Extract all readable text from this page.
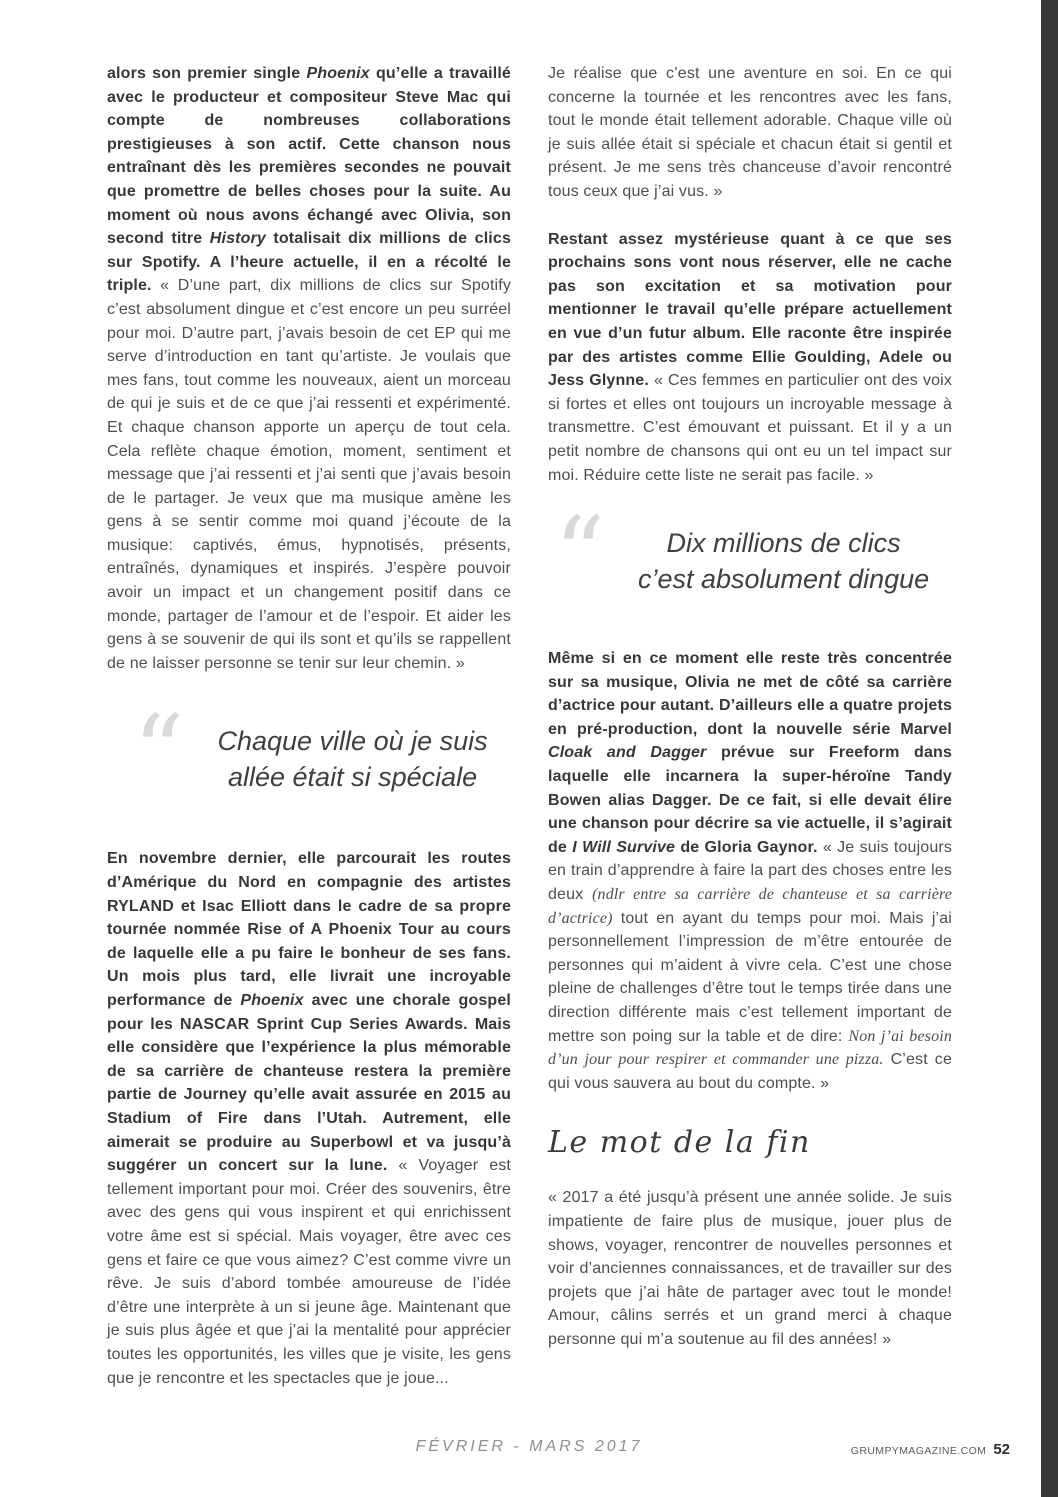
alors son premier single Phoenix qu’elle a travaillé avec le producteur et compositeur Steve Mac qui compte de nombreuses collaborations prestigieuses à son actif. Cette chanson nous entraînant dès les premières secondes ne pouvait que promettre de belles choses pour la suite. Au moment où nous avons échangé avec Olivia, son second titre History totalisait dix millions de clics sur Spotify. A l’heure actuelle, il en a récolté le triple. « D’une part, dix millions de clics sur Spotify c’est absolument dingue et c’est encore un peu surréel pour moi. D’autre part, j’avais besoin de cet EP qui me serve d’introduction en tant qu’artiste. Je voulais que mes fans, tout comme les nouveaux, aient un morceau de qui je suis et de ce que j’ai ressenti et expérimenté. Et chaque chanson apporte un aperçu de tout cela. Cela reflète chaque émotion, moment, sentiment et message que j’ai ressenti et j’ai senti que j’avais besoin de le partager. Je veux que ma musique amène les gens à se sentir comme moi quand j’écoute de la musique: captivés, émus, hypnotisés, présents, entraînés, dynamiques et inspirés. J’espère pouvoir avoir un impact et un changement positif dans ce monde, partager de l’amour et de l’espoir. Et aider les gens à se souvenir de qui ils sont et qu’ils se rappellent de ne laisser personne se tenir sur leur chemin. »

“	Chaque ville où je suis
allée était si spéciale

En novembre dernier, elle parcourait les routes d’Amérique du Nord en compagnie des artistes RYLAND et Isac Elliott dans le cadre de sa propre tournée nommée Rise of A Phoenix Tour au cours de laquelle elle a pu faire le bonheur de ses fans. Un mois plus tard, elle livrait une incroyable performance de Phoenix avec une chorale gospel pour les NASCAR Sprint Cup Series Awards. Mais elle considère que l’expérience la plus mémorable de sa carrière de chanteuse restera la première partie de Journey qu’elle avait assurée en 2015 au Stadium of Fire dans l’Utah. Autrement, elle aimerait se produire au Superbowl et va jusqu’à suggérer un concert sur la lune. « Voyager est tellement important pour moi. Créer des souvenirs, être avec des gens qui vous inspirent et qui enrichissent votre âme est si spécial. Mais voyager, être avec ces gens et faire ce que vous aimez? C’est comme vivre un rêve. Je suis d’abord tombée amoureuse de l’idée d’être une interprète à un si jeune âge. Maintenant que je suis plus âgée et que j’ai la mentalité pour apprécier toutes les opportunités, les villes que je visite, les gens que je rencontre et les spectacles que je joue...

Je réalise que c’est une aventure en soi. En ce qui concerne la tournée et les rencontres avec les fans, tout le monde était tellement adorable. Chaque ville où je suis allée était si spéciale et chacun était si gentil et présent. Je me sens très chanceuse d’avoir rencontré tous ceux que j’ai vus. »

Restant assez mystérieuse quant à ce que ses prochains sons vont nous réserver, elle ne cache pas son excitation et sa motivation pour mentionner le travail qu’elle prépare actuellement en vue d’un futur album. Elle raconte être inspirée par des artistes comme Ellie Goulding, Adele ou Jess Glynne. « Ces femmes en particulier ont des voix si fortes et elles ont toujours un incroyable message à transmettre. C’est émouvant et puissant. Et il y a un petit nombre de chansons qui ont eu un tel impact sur moi. Réduire cette liste ne serait pas facile. »

“	Dix millions de clics
c’est absolument dingue

Même si en ce moment elle reste très concentrée sur sa musique, Olivia ne met de côté sa carrière d’actrice pour autant. D’ailleurs elle a quatre projets en pré-production, dont la nouvelle série Marvel Cloak and Dagger prévue sur Freeform dans laquelle elle incarnera la super-héroïne Tandy Bowen alias Dagger. De ce fait, si elle devait élire une chanson pour décrire sa vie actuelle, il s’agirait de I Will Survive de Gloria Gaynor. « Je suis toujours en train d’apprendre à faire la part des choses entre les deux (ndlr entre sa carrière de chanteuse et sa carrière d’actrice) tout en ayant du temps pour moi. Mais j’ai personnellement l’impression de m’être entourée de personnes qui m’aident à vivre cela. C’est une chose pleine de challenges d’être tout le temps tirée dans une direction différente mais c’est tellement important de mettre son poing sur la table et de dire: Non j’ai besoin d’un jour pour respirer et commander une pizza. C’est ce qui vous sauvera au bout du compte. »

Le mot de la fin

« 2017 a été jusqu’à présent une année solide. Je suis impatiente de faire plus de musique, jouer plus de shows, voyager, rencontrer de nouvelles personnes et voir d’anciennes connaissances, et de travailler sur des projets que j’ai hâte de partager avec tout le monde! Amour, câlins serrés et un grand merci à chaque personne qui m’a soutenue au fil des années! »

FÉVRIER - MARS 2017	GRUMPYMAGAZINE.COM 52
